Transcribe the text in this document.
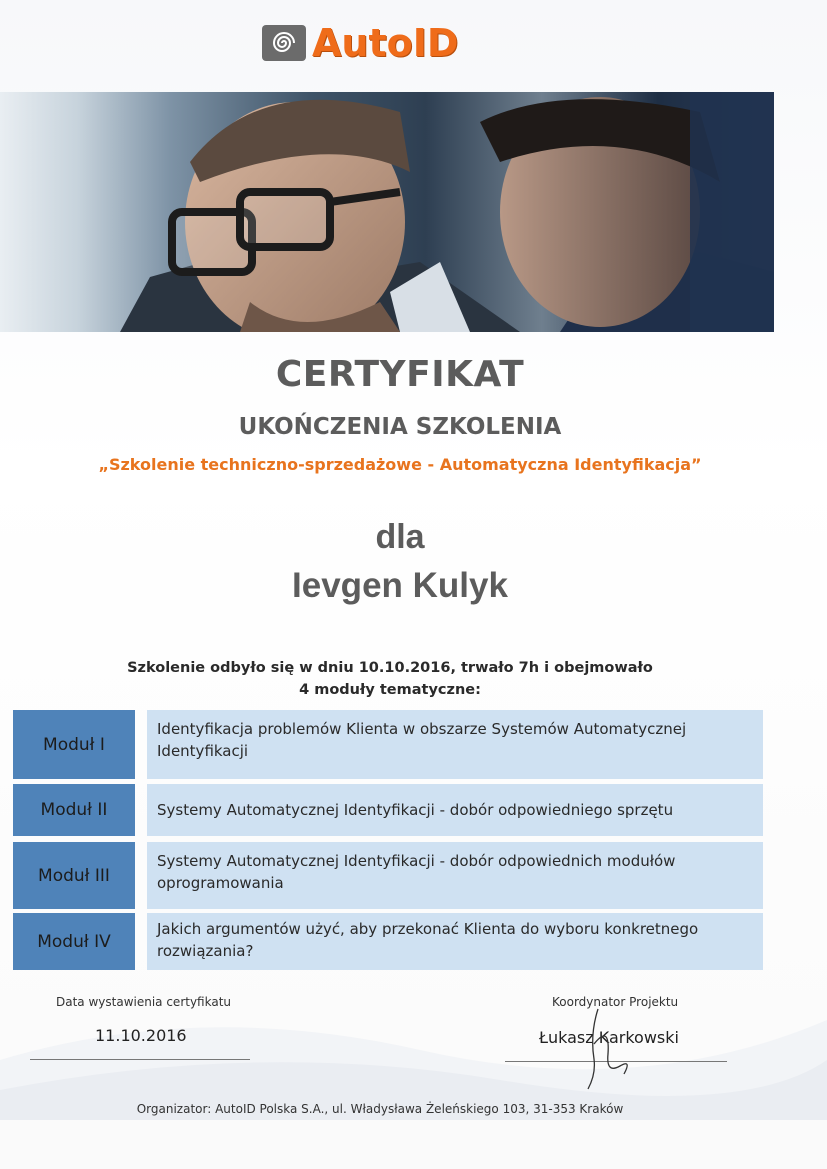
AutoID
CERTYFIKAT
UKOŃCZENIA SZKOLENIA
„Szkolenie techniczno-sprzedażowe - Automatyczna Identyfikacja”
dla
Ievgen Kulyk
Szkolenie odbyło się w dniu 10.10.2016, trwało 7h i obejmowało
4 moduły tematyczne:
Moduł I
Identyfikacja problemów Klienta w obszarze Systemów Automatycznej Identyfikacji
Moduł II	Systemy Automatycznej Identyfikacji - dobór odpowiedniego sprzętu
Moduł III
Systemy Automatycznej Identyfikacji - dobór odpowiednich modułów oprogramowania
Moduł IV
Jakich argumentów użyć, aby przekonać Klienta do wyboru konkretnego rozwiązania?
Data wystawienia certyfikatu
11.10.2016
Koordynator Projektu
Łukasz Karkowski
Organizator: AutoID Polska S.A., ul. Władysława Żeleńskiego 103, 31-353 Kraków
